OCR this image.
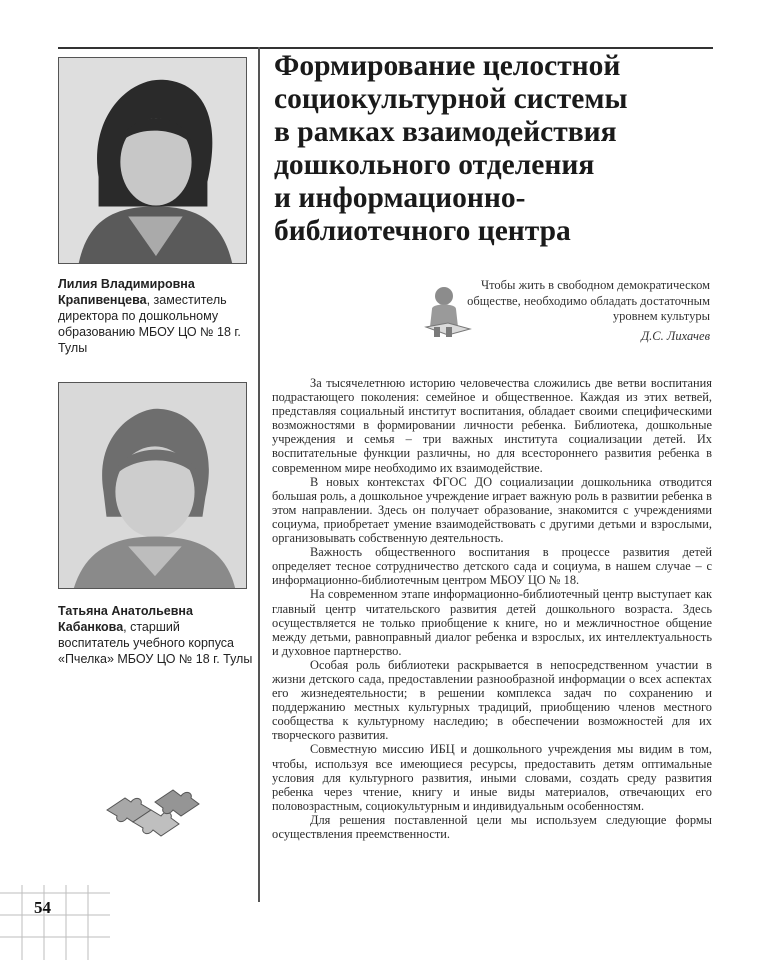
Лилия Владимировна Крапивенцева, заместитель директора по дошкольному образованию МБОУ ЦО № 18 г. Тулы
Татьяна Анатольевна Кабанкова, старший воспитатель учебного корпуса «Пчелка» МБОУ ЦО № 18 г. Тулы
Формирование целостной
социокультурной системы
в рамках взаимодействия
дошкольного отделения
и информационно-
библиотечного центра
Чтобы жить в свободном демократическом обществе, необходимо обладать достаточным уровнем культуры
Д.С. Лихачев

За тысячелетнюю историю человечества сложились две ветви воспитания подрастающего поколения: семейное и общественное. Каждая из этих ветвей, представляя социальный институт воспитания, обладает своими специфическими возможностями в формировании личности ребенка. Библиотека, дошкольные учреждения и семья – три важных института социализации детей. Их воспитательные функции различны, но для всестороннего развития ребенка в современном мире необходимо их взаимодействие.

В новых контекстах ФГОС ДО социализации дошкольника отводится большая роль, а дошкольное учреждение играет важную роль в развитии ребенка в этом направлении. Здесь он получает образование, знакомится с учреждениями социума, приобретает умение взаимодействовать с другими детьми и взрослыми, организовывать собственную деятельность.

Важность общественного воспитания в процессе развития детей определяет тесное сотрудничество детского сада и социума, в нашем случае – с информационно-библиотечным центром МБОУ ЦО № 18.

На современном этапе информационно-библиотечный центр выступает как главный центр читательского развития детей дошкольного возраста. Здесь осуществляется не только приобщение к книге, но и межличностное общение между детьми, равноправный диалог ребенка и взрослых, их интеллектуальность и духовное партнерство.

Особая роль библиотеки раскрывается в непосредственном участии в жизни детского сада, предоставлении разнообразной информации о всех аспектах его жизнедеятельности; в решении комплекса задач по сохранению и поддержанию местных культурных традиций, приобщению членов местного сообщества к культурному наследию; в обеспечении возможностей для их творческого развития.

Совместную миссию ИБЦ и дошкольного учреждения мы видим в том, чтобы, используя все имеющиеся ресурсы, предоставить детям оптимальные условия для культурного развития, иными словами, создать среду развития ребенка через чтение, книгу и иные виды материалов, отвечающих его половозрастным, социокультурным и индивидуальным особенностям.

Для решения поставленной цели мы используем следующие формы осуществления преемственности.

54
